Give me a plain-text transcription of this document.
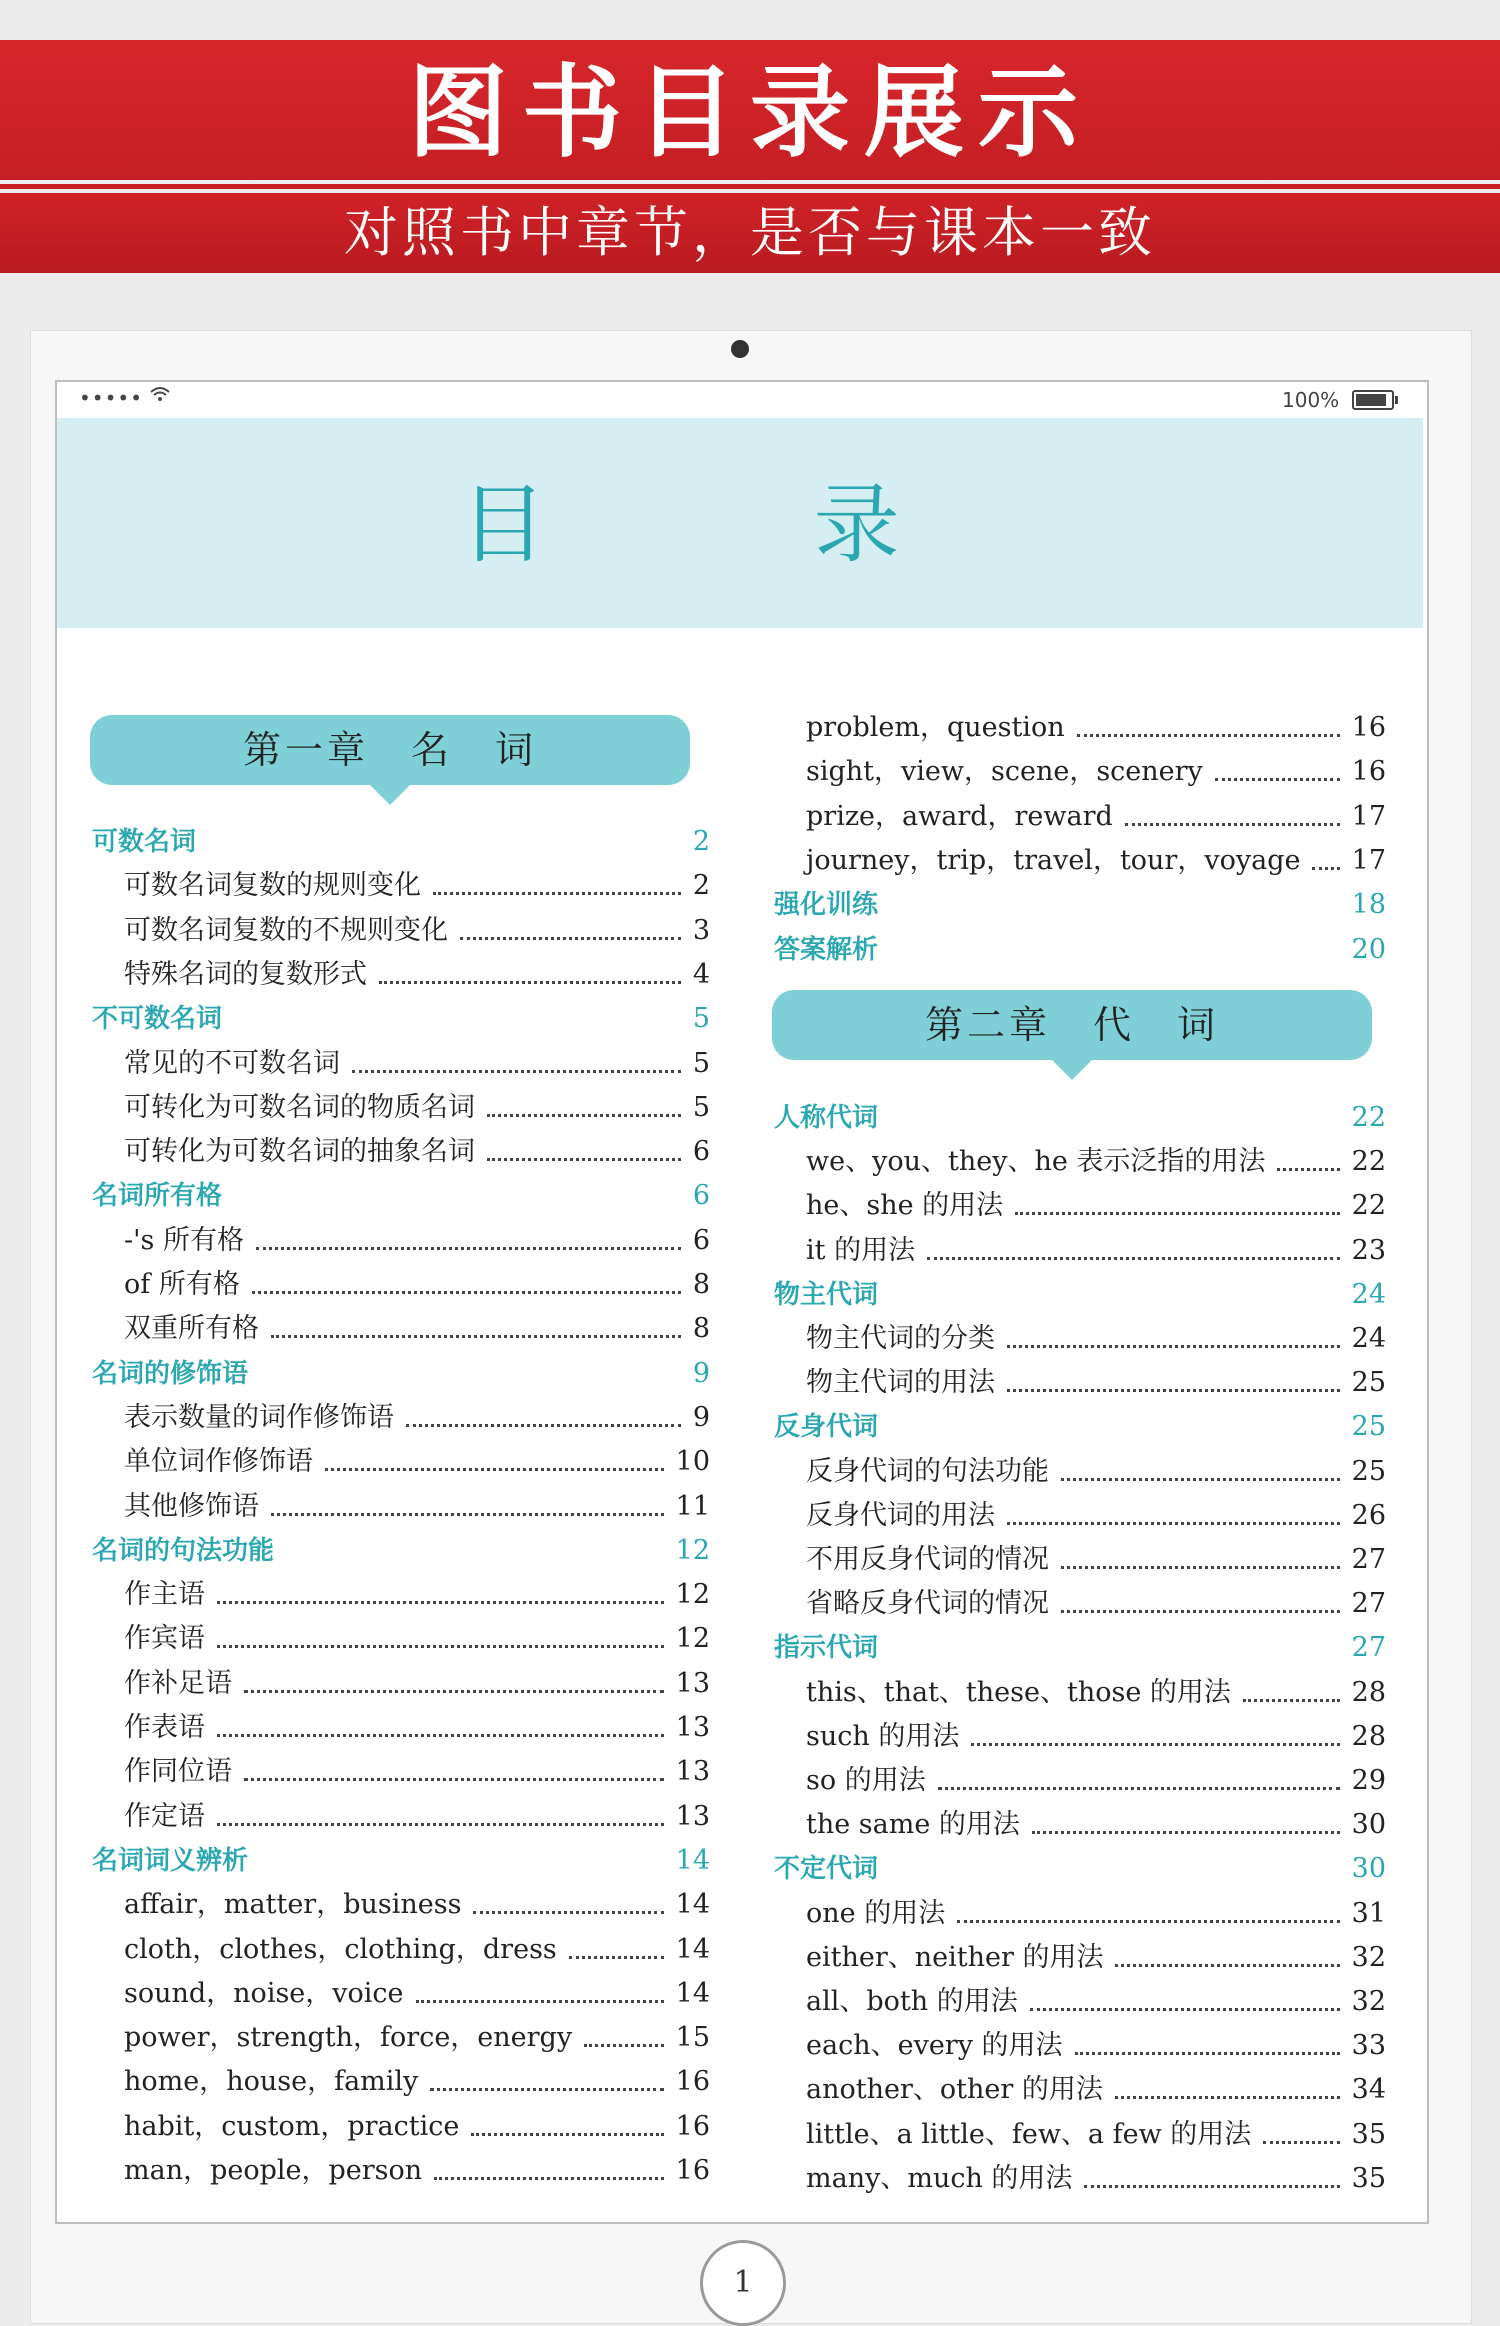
图书目录展示
对照书中章节，是否与课本一致
•••••	100%
目 录
第一章　名　词
第二章　代　词
可数名词	2
可数名词复数的规则变化	2
可数名词复数的不规则变化	3
特殊名词的复数形式	4
不可数名词	5
常见的不可数名词	5
可转化为可数名词的物质名词	5
可转化为可数名词的抽象名词	6
名词所有格	6
-'s 所有格	6
of 所有格	8
双重所有格	8
名词的修饰语	9
表示数量的词作修饰语	9
单位词作修饰语	10
其他修饰语	11
名词的句法功能	12
作主语	12
作宾语	12
作补足语	13
作表语	13
作同位语	13
作定语	13
名词词义辨析	14
affair，matter，business	14
cloth，clothes，clothing，dress	14
sound，noise，voice	14
power，strength，force，energy	15
home，house，family	16
habit，custom，practice	16
man，people，person	16
problem，question	16
sight，view，scene，scenery	16
prize，award，reward	17
journey，trip，travel，tour，voyage 17
强化训练	18
答案解析	20
人称代词	22
we、you、they、he 表示泛指的用法	22
he、she 的用法	22
it 的用法	23
物主代词	24
物主代词的分类	24
物主代词的用法	25
反身代词	25
反身代词的句法功能	25
反身代词的用法	26
不用反身代词的情况	27
省略反身代词的情况	27
指示代词	27
this、that、these、those 的用法	28
such 的用法	28
so 的用法	29
the same 的用法	30
不定代词	30
one 的用法	31
either、neither 的用法	32
all、both 的用法	32
each、every 的用法	33
another、other 的用法	34
little、a little、few、a few 的用法	35
many、much 的用法	35
1
